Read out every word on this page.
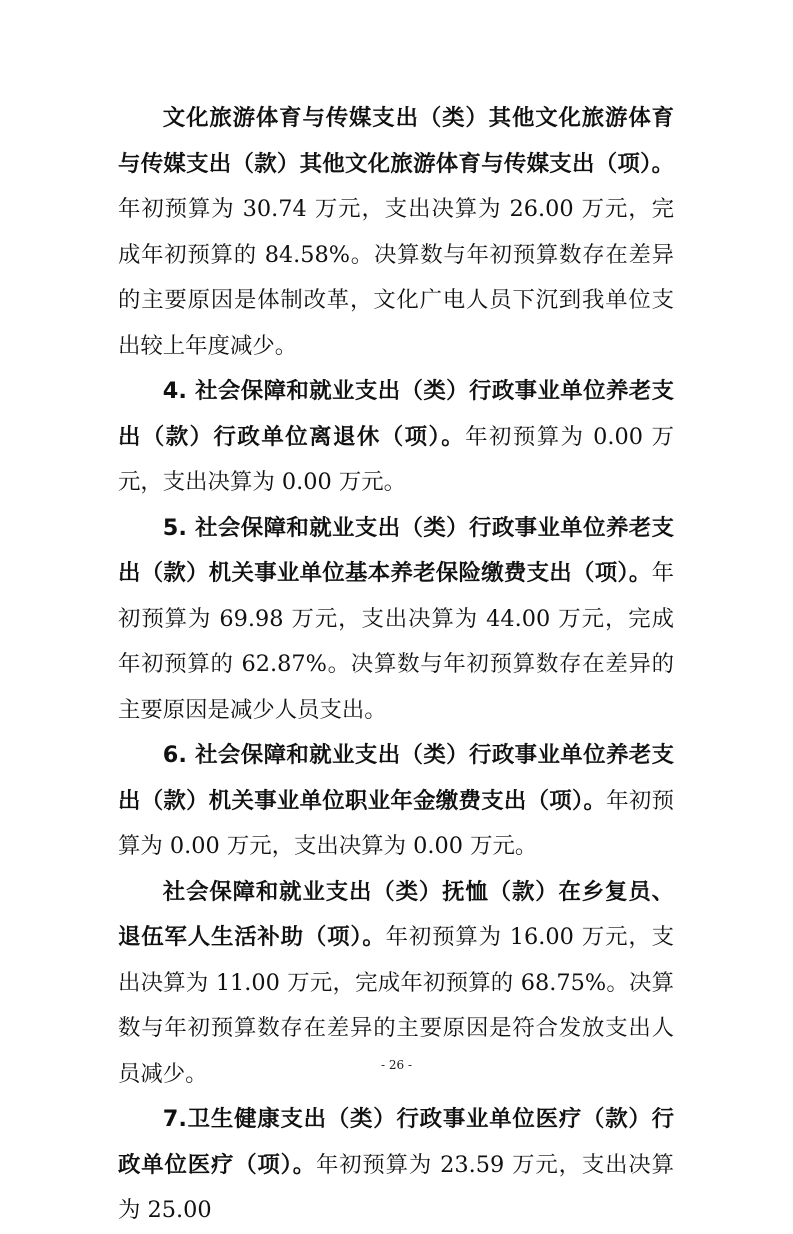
文化旅游体育与传媒支出（类）其他文化旅游体育与传媒支出（款）其他文化旅游体育与传媒支出（项）。年初预算为 30.74 万元，支出决算为 26.00 万元，完成年初预算的 84.58%。决算数与年初预算数存在差异的主要原因是体制改革，文化广电人员下沉到我单位支出较上年度减少。

4. 社会保障和就业支出（类）行政事业单位养老支出（款）行政单位离退休（项）。年初预算为 0.00 万元，支出决算为 0.00 万元。

5. 社会保障和就业支出（类）行政事业单位养老支出（款）机关事业单位基本养老保险缴费支出（项）。年初预算为 69.98 万元，支出决算为 44.00 万元，完成年初预算的 62.87%。决算数与年初预算数存在差异的主要原因是减少人员支出。

6. 社会保障和就业支出（类）行政事业单位养老支出（款）机关事业单位职业年金缴费支出（项）。年初预算为 0.00 万元，支出决算为 0.00 万元。

社会保障和就业支出（类）抚恤（款）在乡复员、退伍军人生活补助（项）。年初预算为 16.00 万元，支出决算为 11.00 万元，完成年初预算的 68.75%。决算数与年初预算数存在差异的主要原因是符合发放支出人员减少。

7.卫生健康支出（类）行政事业单位医疗（款）行政单位医疗（项）。年初预算为 23.59 万元，支出决算为 25.00

- 26 -
